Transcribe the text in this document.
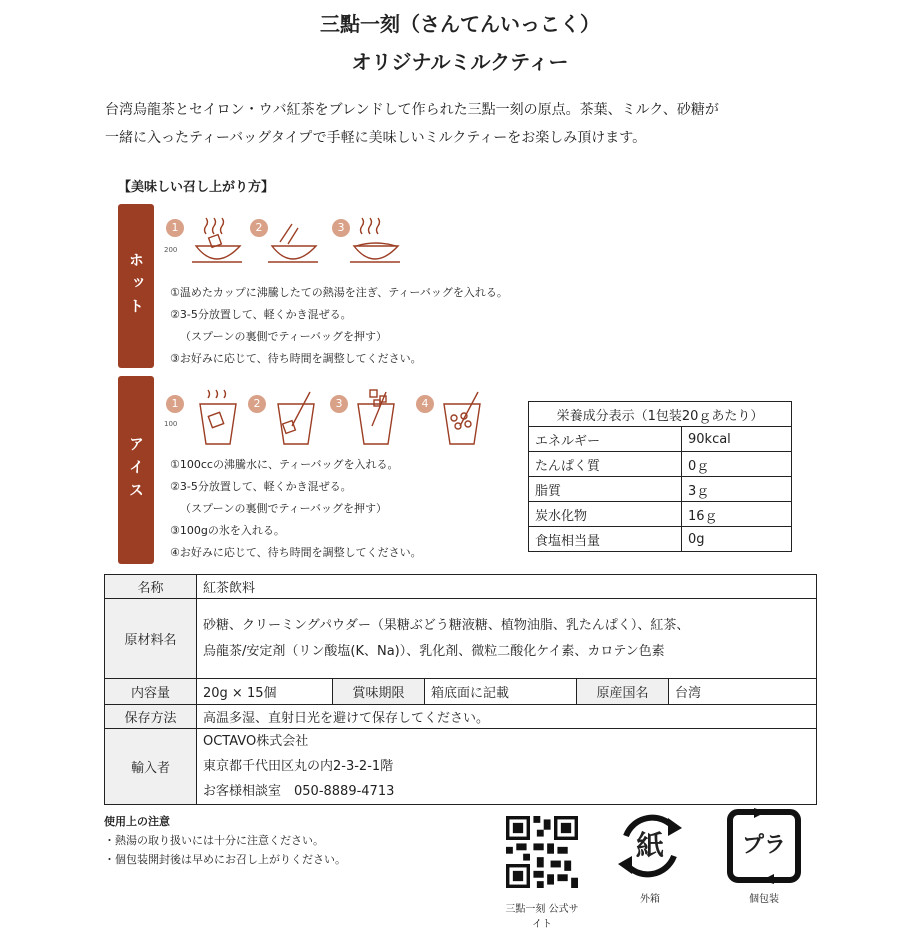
三點一刻（さんてんいっこく）
オリジナルミルクティー
台湾烏龍茶とセイロン・ウバ紅茶をブレンドして作られた三點一刻の原点。茶葉、ミルク、砂糖が
一緒に入ったティーバッグタイプで手軽に美味しいミルクティーをお楽しみ頂けます。
【美味しい召し上がり方】
ホット
1	2	3
200
①温めたカップに沸騰したての熱湯を注ぎ、ティーバッグを入れる。
②3-5分放置して、軽くかき混ぜる。
（スプーンの裏側でティーバッグを押す）
③お好みに応じて、待ち時間を調整してください。
アイス
1	2	3	4
100
①100ccの沸騰水に、ティーバッグを入れる。
②3-5分放置して、軽くかき混ぜる。
（スプーンの裏側でティーバッグを押す）
③100gの氷を入れる。
④お好みに応じて、待ち時間を調整してください。
栄養成分表示（1包装20ｇあたり）	
エネルギー	90kcal
たんぱく質	0ｇ
脂質	3ｇ
炭水化物	16ｇ
食塩相当量	0g
名称	紅茶飲料				
原材料名	砂糖、クリーミングパウダー（果糖ぶどう糖液糖、植物油脂、乳たんぱく）、紅茶、
烏龍茶/安定剤（リン酸塩(K、Na)）、乳化剤、微粒二酸化ケイ素、カロテン色素				

内容量	20g × 15個	賞味期限	箱底面に記載	原産国名	台湾
保存方法	高温多湿、直射日光を避けて保存してください。				
輸入者	OCTAVO株式会社
東京都千代田区丸の内2-3-2-1階
お客様相談室　050-8889-4713				
使用上の注意
・熱湯の取り扱いには十分に注意ください。
・個包装開封後は早めにお召し上がりください。
三點一刻 公式サイト
紙
外箱
プラ
個包装
